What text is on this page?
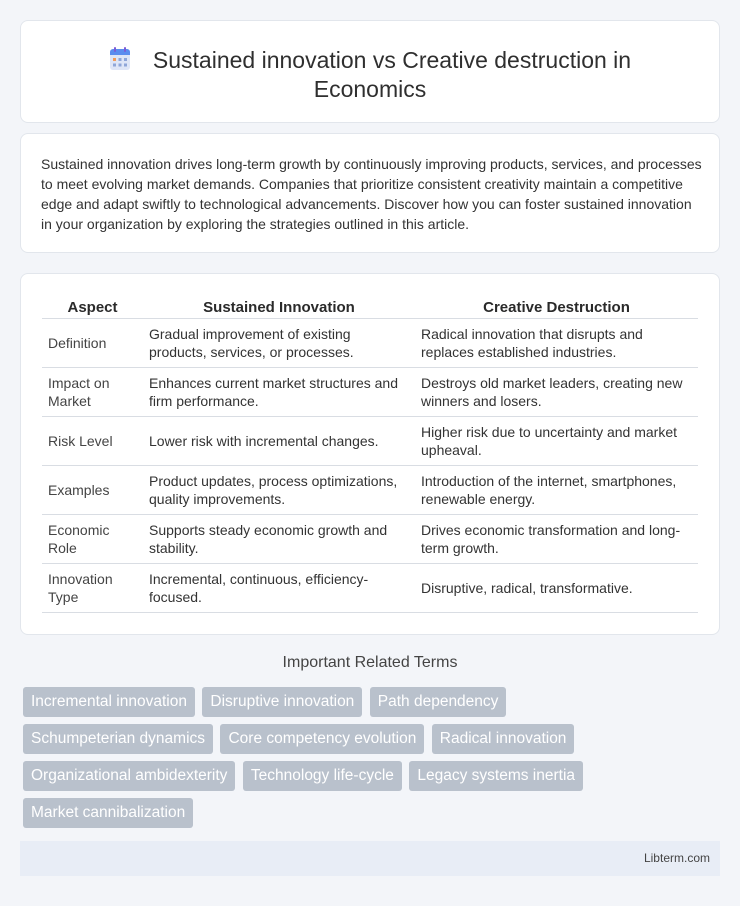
Sustained innovation vs Creative destruction in
Economics

Sustained innovation drives long-term growth by continuously improving products, services, and processes to meet evolving market demands. Companies that prioritize consistent creativity maintain a competitive edge and adapt swiftly to technological advancements. Discover how you can foster sustained innovation in your organization by exploring the strategies outlined in this article.

Aspect	Sustained Innovation	Creative Destruction
Definition	Gradual improvement of existing products, services, or processes.	Radical innovation that disrupts and replaces established industries.
Impact on Market	Enhances current market structures and firm performance.	Destroys old market leaders, creating new winners and losers.
Risk Level	Lower risk with incremental changes.	Higher risk due to uncertainty and market upheaval.
Examples	Product updates, process optimizations, quality improvements.	Introduction of the internet, smartphones, renewable energy.
Economic Role	Supports steady economic growth and stability.	Drives economic transformation and long-term growth.
Innovation Type	Incremental, continuous, efficiency-focused.	Disruptive, radical, transformative.
Important Related Terms
Incremental innovation Disruptive innovation Path dependency
Schumpeterian dynamics Core competency evolution Radical innovation
Organizational ambidexterity Technology life-cycle Legacy systems inertia
Market cannibalization
Libterm.com
